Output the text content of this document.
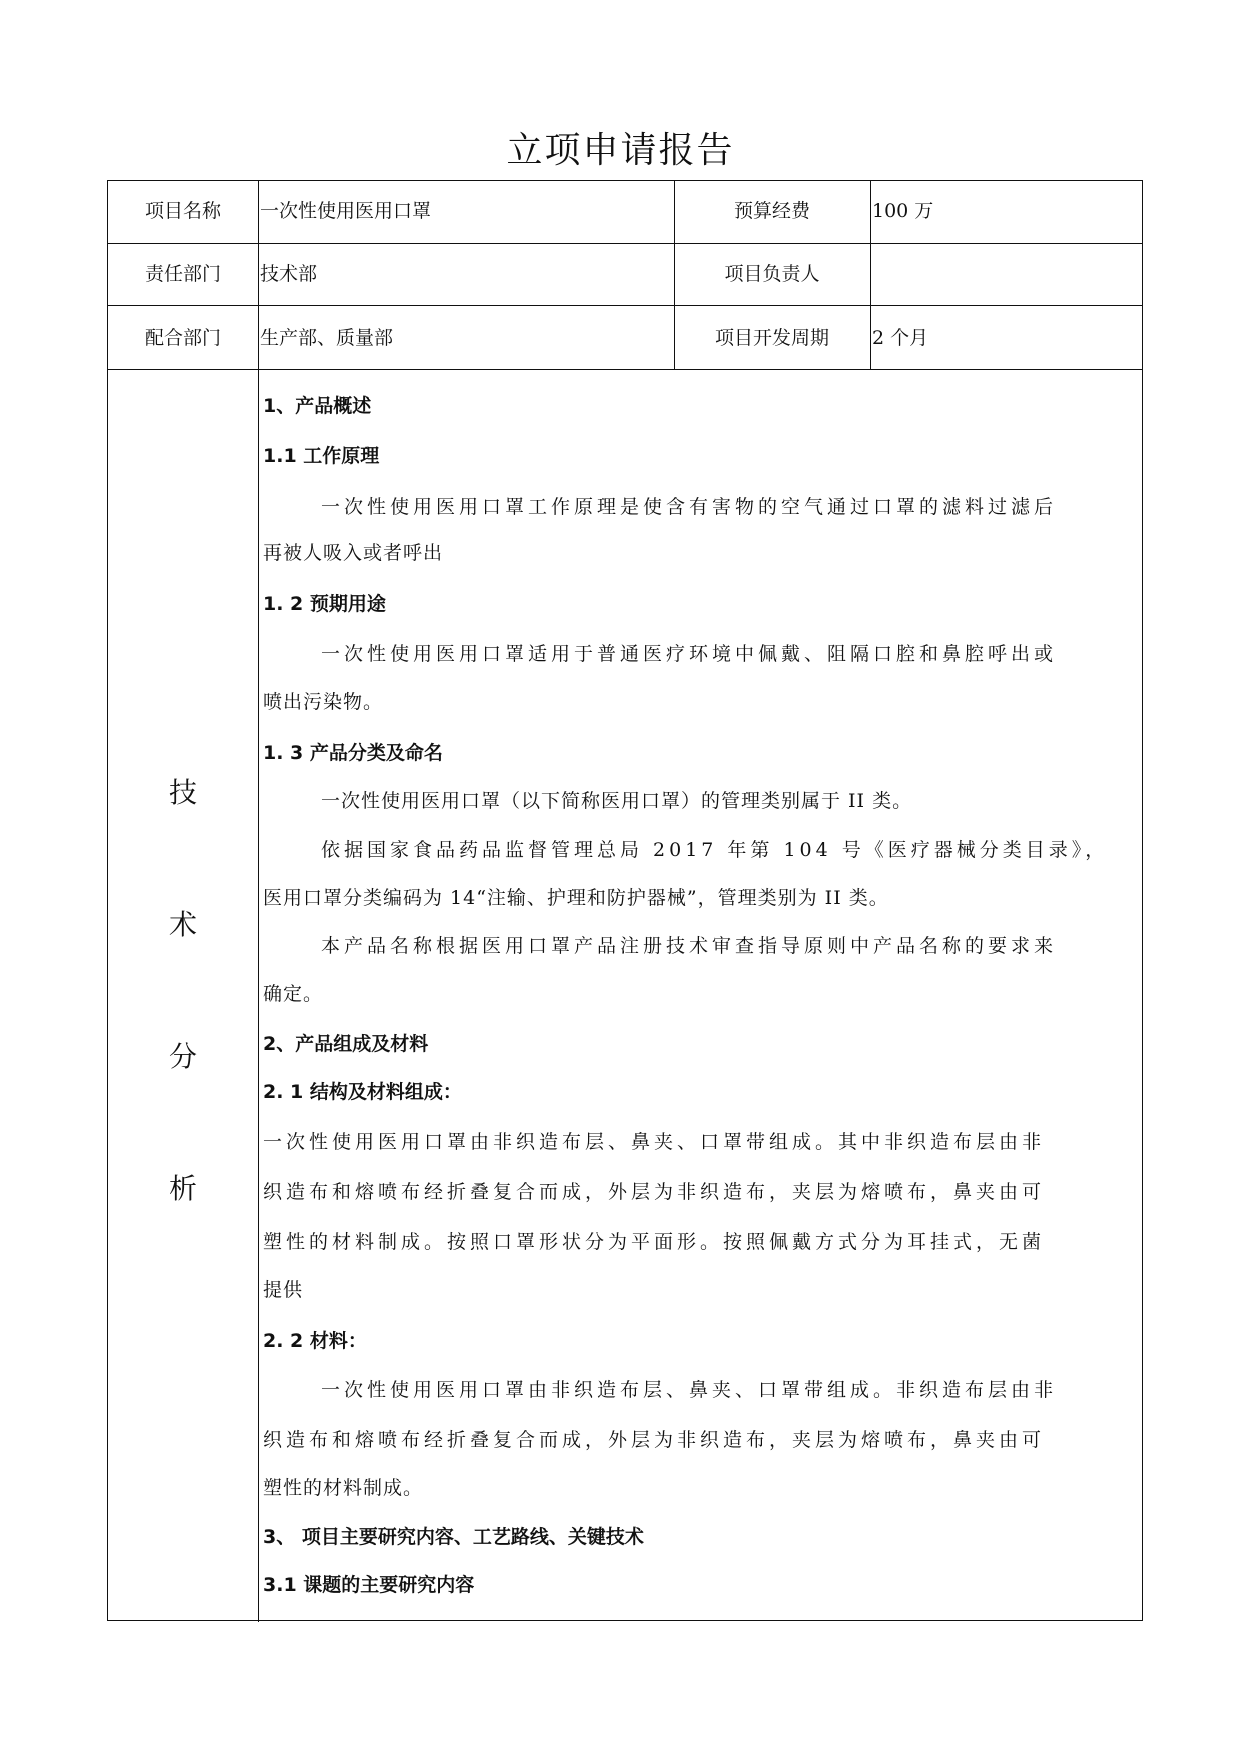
立项申请报告
项目名称	一次性使用医用口罩	预算经费	100 万
责任部门	技术部	项目负责人
配合部门	生产部、质量部	项目开发周期	2 个月
技
术
分
析
1、产品概述
1.1 工作原理
一次性使用医用口罩工作原理是使含有害物的空气通过口罩的滤料过滤后
再被人吸入或者呼出
1. 2 预期用途
一次性使用医用口罩适用于普通医疗环境中佩戴、阻隔口腔和鼻腔呼出或
喷出污染物。
1. 3 产品分类及命名
一次性使用医用口罩（以下简称医用口罩）的管理类别属于 II 类。
依据国家食品药品监督管理总局 2017 年第 104 号《医疗器械分类目录》，
医用口罩分类编码为 14“注输、护理和防护器械”，管理类别为 II 类。
本产品名称根据医用口罩产品注册技术审查指导原则中产品名称的要求来
确定。
2、产品组成及材料
2. 1 结构及材料组成：
一次性使用医用口罩由非织造布层、鼻夹、口罩带组成。其中非织造布层由非
织造布和熔喷布经折叠复合而成，外层为非织造布，夹层为熔喷布，鼻夹由可
塑性的材料制成。按照口罩形状分为平面形。按照佩戴方式分为耳挂式，无菌
提供
2. 2 材料：
一次性使用医用口罩由非织造布层、鼻夹、口罩带组成。非织造布层由非
织造布和熔喷布经折叠复合而成，外层为非织造布，夹层为熔喷布，鼻夹由可
塑性的材料制成。
3、 项目主要研究内容、工艺路线、关键技术
3.1 课题的主要研究内容
